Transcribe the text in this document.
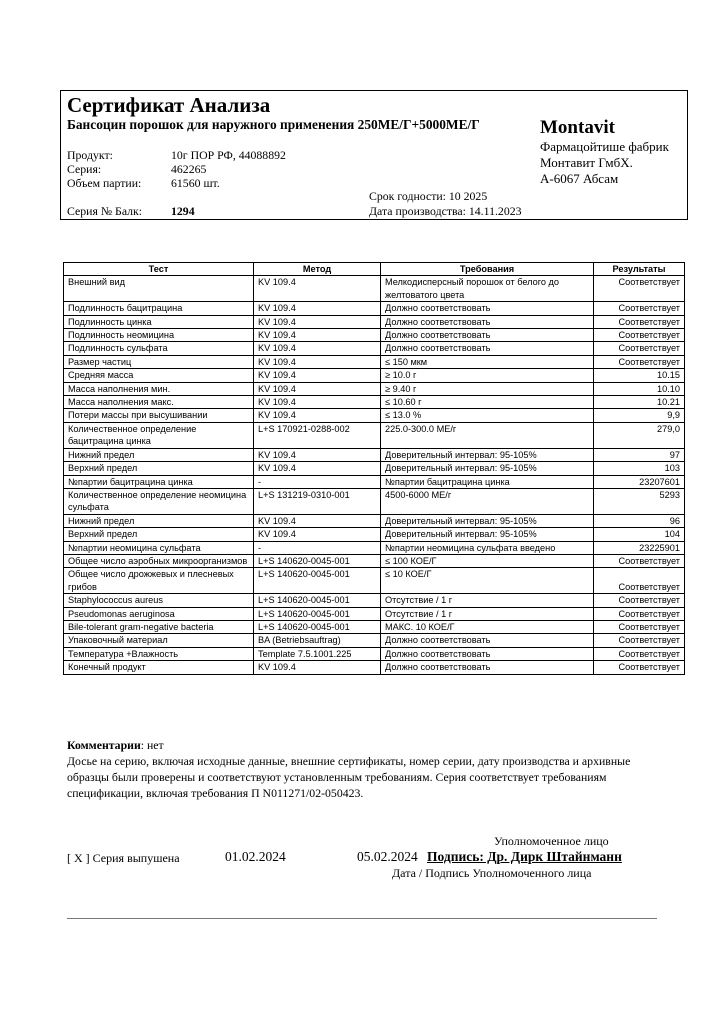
Сертификат Анализа
Бансоцин порошок для наружного применения 250МЕ/Г+5000МЕ/Г	Montavit
Фармацойтише фабрик
Монтавит ГмбХ.
А-6067 Абсам
Продукт:	10г ПОР РФ, 44088892
Серия:	462265
Объем партии:	61560 шт.
Серия № Балк: 1294
Срок годности: 10 2025
Дата производства: 14.11.2023
Тест	Метод	Требования	Результаты
Внешний вид	KV 109.4	Мелкодисперсный порошок от белого до желтоватого цвета	Соответствует
Подлинность бацитрацина	KV 109.4	Должно соответствовать	Соответствует
Подлинность цинка	KV 109.4	Должно соответствовать	Соответствует
Подлинность неомицина	KV 109.4	Должно соответствовать	Соответствует
Подлинность сульфата	KV 109.4	Должно соответствовать	Соответствует
Размер частиц	KV 109.4	≤ 150 мкм	Соответствует
Средняя масса	KV 109.4	≥ 10.0 г	10.15
Масса наполнения мин.	KV 109.4	≥ 9.40 г	10.10
Масса наполнения макс.	KV 109.4	≤ 10.60 г	10.21
Потери массы при высушивании	KV 109.4	≤ 13.0 %	9,9
Количественное определение бацитрацина цинка	L+S 170921-0288-002	225.0-300.0 МЕ/г	279,0
Нижний предел	KV 109.4	Доверительный интервал: 95-105%	97
Верхний предел	KV 109.4	Доверительный интервал: 95-105%	103
№партии бацитрацина цинка	-	№партии бацитрацина цинка	23207601
Количественное определение неомицина сульфата	L+S 131219-0310-001	4500-6000 МЕ/г	5293
Нижний предел	KV 109.4	Доверительный интервал: 95-105%	96
Верхний предел	KV 109.4	Доверительный интервал: 95-105%	104
№партии неомицина сульфата	-	№партии неомицина сульфата введено	23225901
Общее число аэробных микроорганизмов	L+S 140620-0045-001	≤ 100 КОЕ/Г	Соответствует
Общее число дрожжевых и плесневых грибов	L+S 140620-0045-001	≤ 10 КОЕ/Г	Соответствует
Staphylococcus aureus	L+S 140620-0045-001	Отсутствие / 1 г	Соответствует
Pseudomonas aeruginosa	L+S 140620-0045-001	Отсутствие / 1 г	Соответствует
Bile-tolerant gram-negative bacteria	L+S 140620-0045-001	МАКС. 10 КОЕ/Г	Соответствует
Упаковочный материал	BA (Betriebsauftrag)	Должно соответствовать	Соответствует
Температура +Влажность	Template 7.5.1001.225	Должно соответствовать	Соответствует
Конечный продукт	KV 109.4	Должно соответствовать	Соответствует

Комментарии: нет

Досье на серию, включая исходные данные, внешние сертификаты, номер серии, дату производства и архивные образцы были проверены и соответствуют установленным требованиям. Серия соответствует требованиям спецификации, включая требования П N011271/02-050423.

Уполномоченное лицо
[ X ] Серия выпушена	01.02.2024	05.02.2024 Подпись: Др. Дирк Штайнманн
Дата / Подпись Уполномоченного лица
